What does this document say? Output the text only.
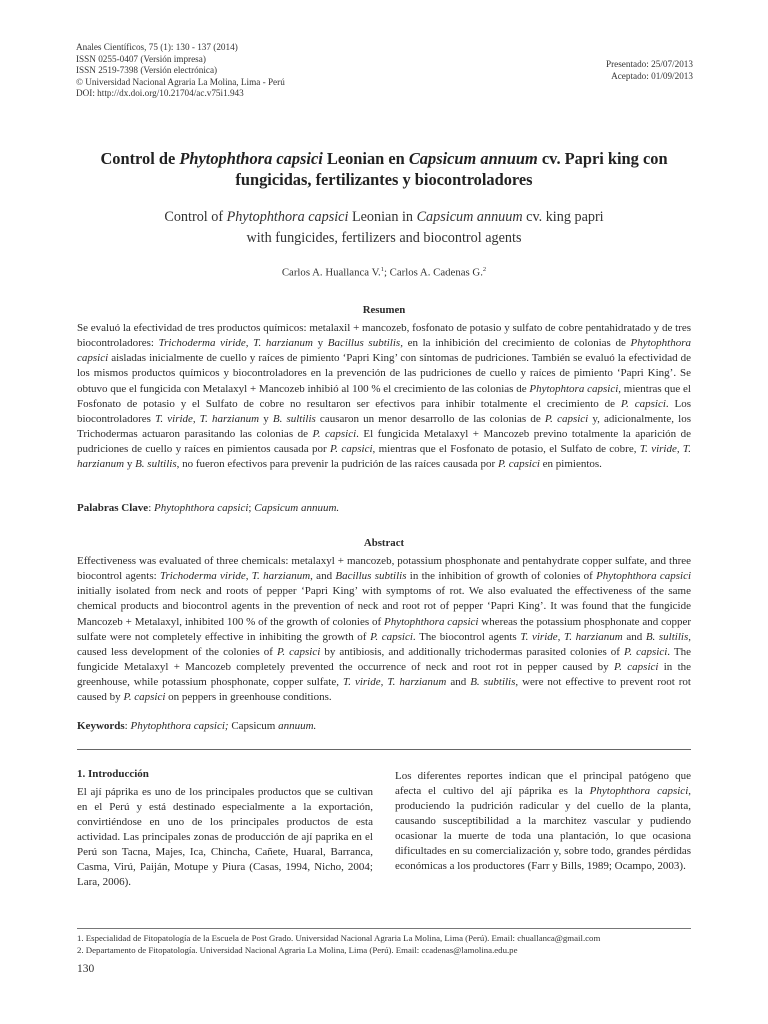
Anales Científicos, 75 (1): 130 - 137 (2014)
ISSN 0255-0407 (Versión impresa)
ISSN 2519-7398 (Versión electrónica)
© Universidad Nacional Agraria La Molina, Lima - Perú
DOI: http://dx.doi.org/10.21704/ac.v75i1.943
Presentado: 25/07/2013
Aceptado: 01/09/2013
Control de Phytophthora capsici Leonian en Capsicum annuum cv. Papri king con
fungicidas, fertilizantes y biocontroladores
Control of Phytophthora capsici Leonian in Capsicum annuum cv. king papri
with fungicides, fertilizers and biocontrol agents
Carlos A. Huallanca V.$^1$; Carlos A. Cadenas G.$^2$
Resumen
Se evaluó la efectividad de tres productos químicos: metalaxil + mancozeb, fosfonato de potasio y sulfato de cobre pentahidratado y de tres biocontroladores: Trichoderma viride, T. harzianum y Bacillus subtilis, en la inhibición del crecimiento de colonias de Phytophthora capsici aisladas inicialmente de cuello y raíces de pimiento ‘Papri King’ con síntomas de pudriciones. También se evaluó la efectividad de los mismos productos químicos y biocontroladores en la prevención de las pudriciones de cuello y raíces de pimiento ‘Papri King’. Se obtuvo que el fungicida con Metalaxyl + Mancozeb inhibió al 100 % el crecimiento de las colonias de Phytophtora capsici, mientras que el Fosfonato de potasio y el Sulfato de cobre no resultaron ser efectivos para inhibir totalmente el crecimiento de P. capsici. Los biocontroladores T. viride, T. harzianum y B. sultilis causaron un menor desarrollo de las colonias de P. capsici y, adicionalmente, los Trichodermas actuaron parasitando las colonias de P. capsici. El fungicida Metalaxyl + Mancozeb previno totalmente la aparición de pudriciones de cuello y raíces en pimientos causada por P. capsici, mientras que el Fosfonato de potasio, el Sulfato de cobre, T. viride, T. harzianum y B. sultilis, no fueron efectivos para prevenir la pudrición de las raíces causada por P. capsici en pimientos.
Palabras Clave: Phytophthora capsici; Capsicum annuum.
Abstract
Effectiveness was evaluated of three chemicals: metalaxyl + mancozeb, potassium phosphonate and pentahydrate copper sulfate, and three biocontrol agents: Trichoderma viride, T. harzianum, and Bacillus subtilis in the inhibition of growth of colonies of Phytophthora capsici initially isolated from neck and roots of pepper ‘Papri King’ with symptoms of rot. We also evaluated the effectiveness of the same chemical products and biocontrol agents in the prevention of neck and root rot of pepper ‘Papri King’. It was found that the fungicide Mancozeb + Metalaxyl, inhibited 100 % of the growth of colonies of Phytophthora capsici whereas the potassium phosphonate and copper sulfate were not completely effective in inhibiting the growth of P. capsici. The biocontrol agents T. viride, T. harzianum and B. sultilis, caused less development of the colonies of P. capsici by antibiosis, and additionally trichodermas parasited colonies of P. capsici. The fungicide Metalaxyl + Mancozeb completely prevented the occurrence of neck and root rot in pepper caused by P. capsici in the greenhouse, while potassium phosphonate, copper sulfate, T. viride, T. harzianum and B. subtilis, were not effective to prevent root rot caused by P. capsici on peppers in greenhouse conditions.
Keywords: Phytophthora capsici; Capsicum annuum.
1. Introducción
El ají páprika es uno de los principales productos que se cultivan en el Perú y está destinado especialmente a la exportación, convirtiéndose en uno de los principales productos de esta actividad. Las principales zonas de producción de ají paprika en el Perú son Tacna, Majes, Ica, Chincha, Cañete, Huaral, Barranca, Casma, Virú, Paiján, Motupe y Piura (Casas, 1994, Nicho, 2004; Lara, 2006).
Los diferentes reportes indican que el principal patógeno que afecta el cultivo del ají páprika es la Phytophthora capsici, produciendo la pudrición radicular y del cuello de la planta, causando susceptibilidad a la marchitez vascular y pudiendo ocasionar la muerte de toda una plantación, lo que ocasiona dificultades en su comercialización y, sobre todo, grandes pérdidas económicas a los productores (Farr y Bills, 1989; Ocampo, 2003).
1. Especialidad de Fitopatología de la Escuela de Post Grado. Universidad Nacional Agraria La Molina, Lima (Perú). Email: chuallanca@gmail.com
2. Departamento de Fitopatología. Universidad Nacional Agraria La Molina, Lima (Perú). Email: ccadenas@lamolina.edu.pe
130
